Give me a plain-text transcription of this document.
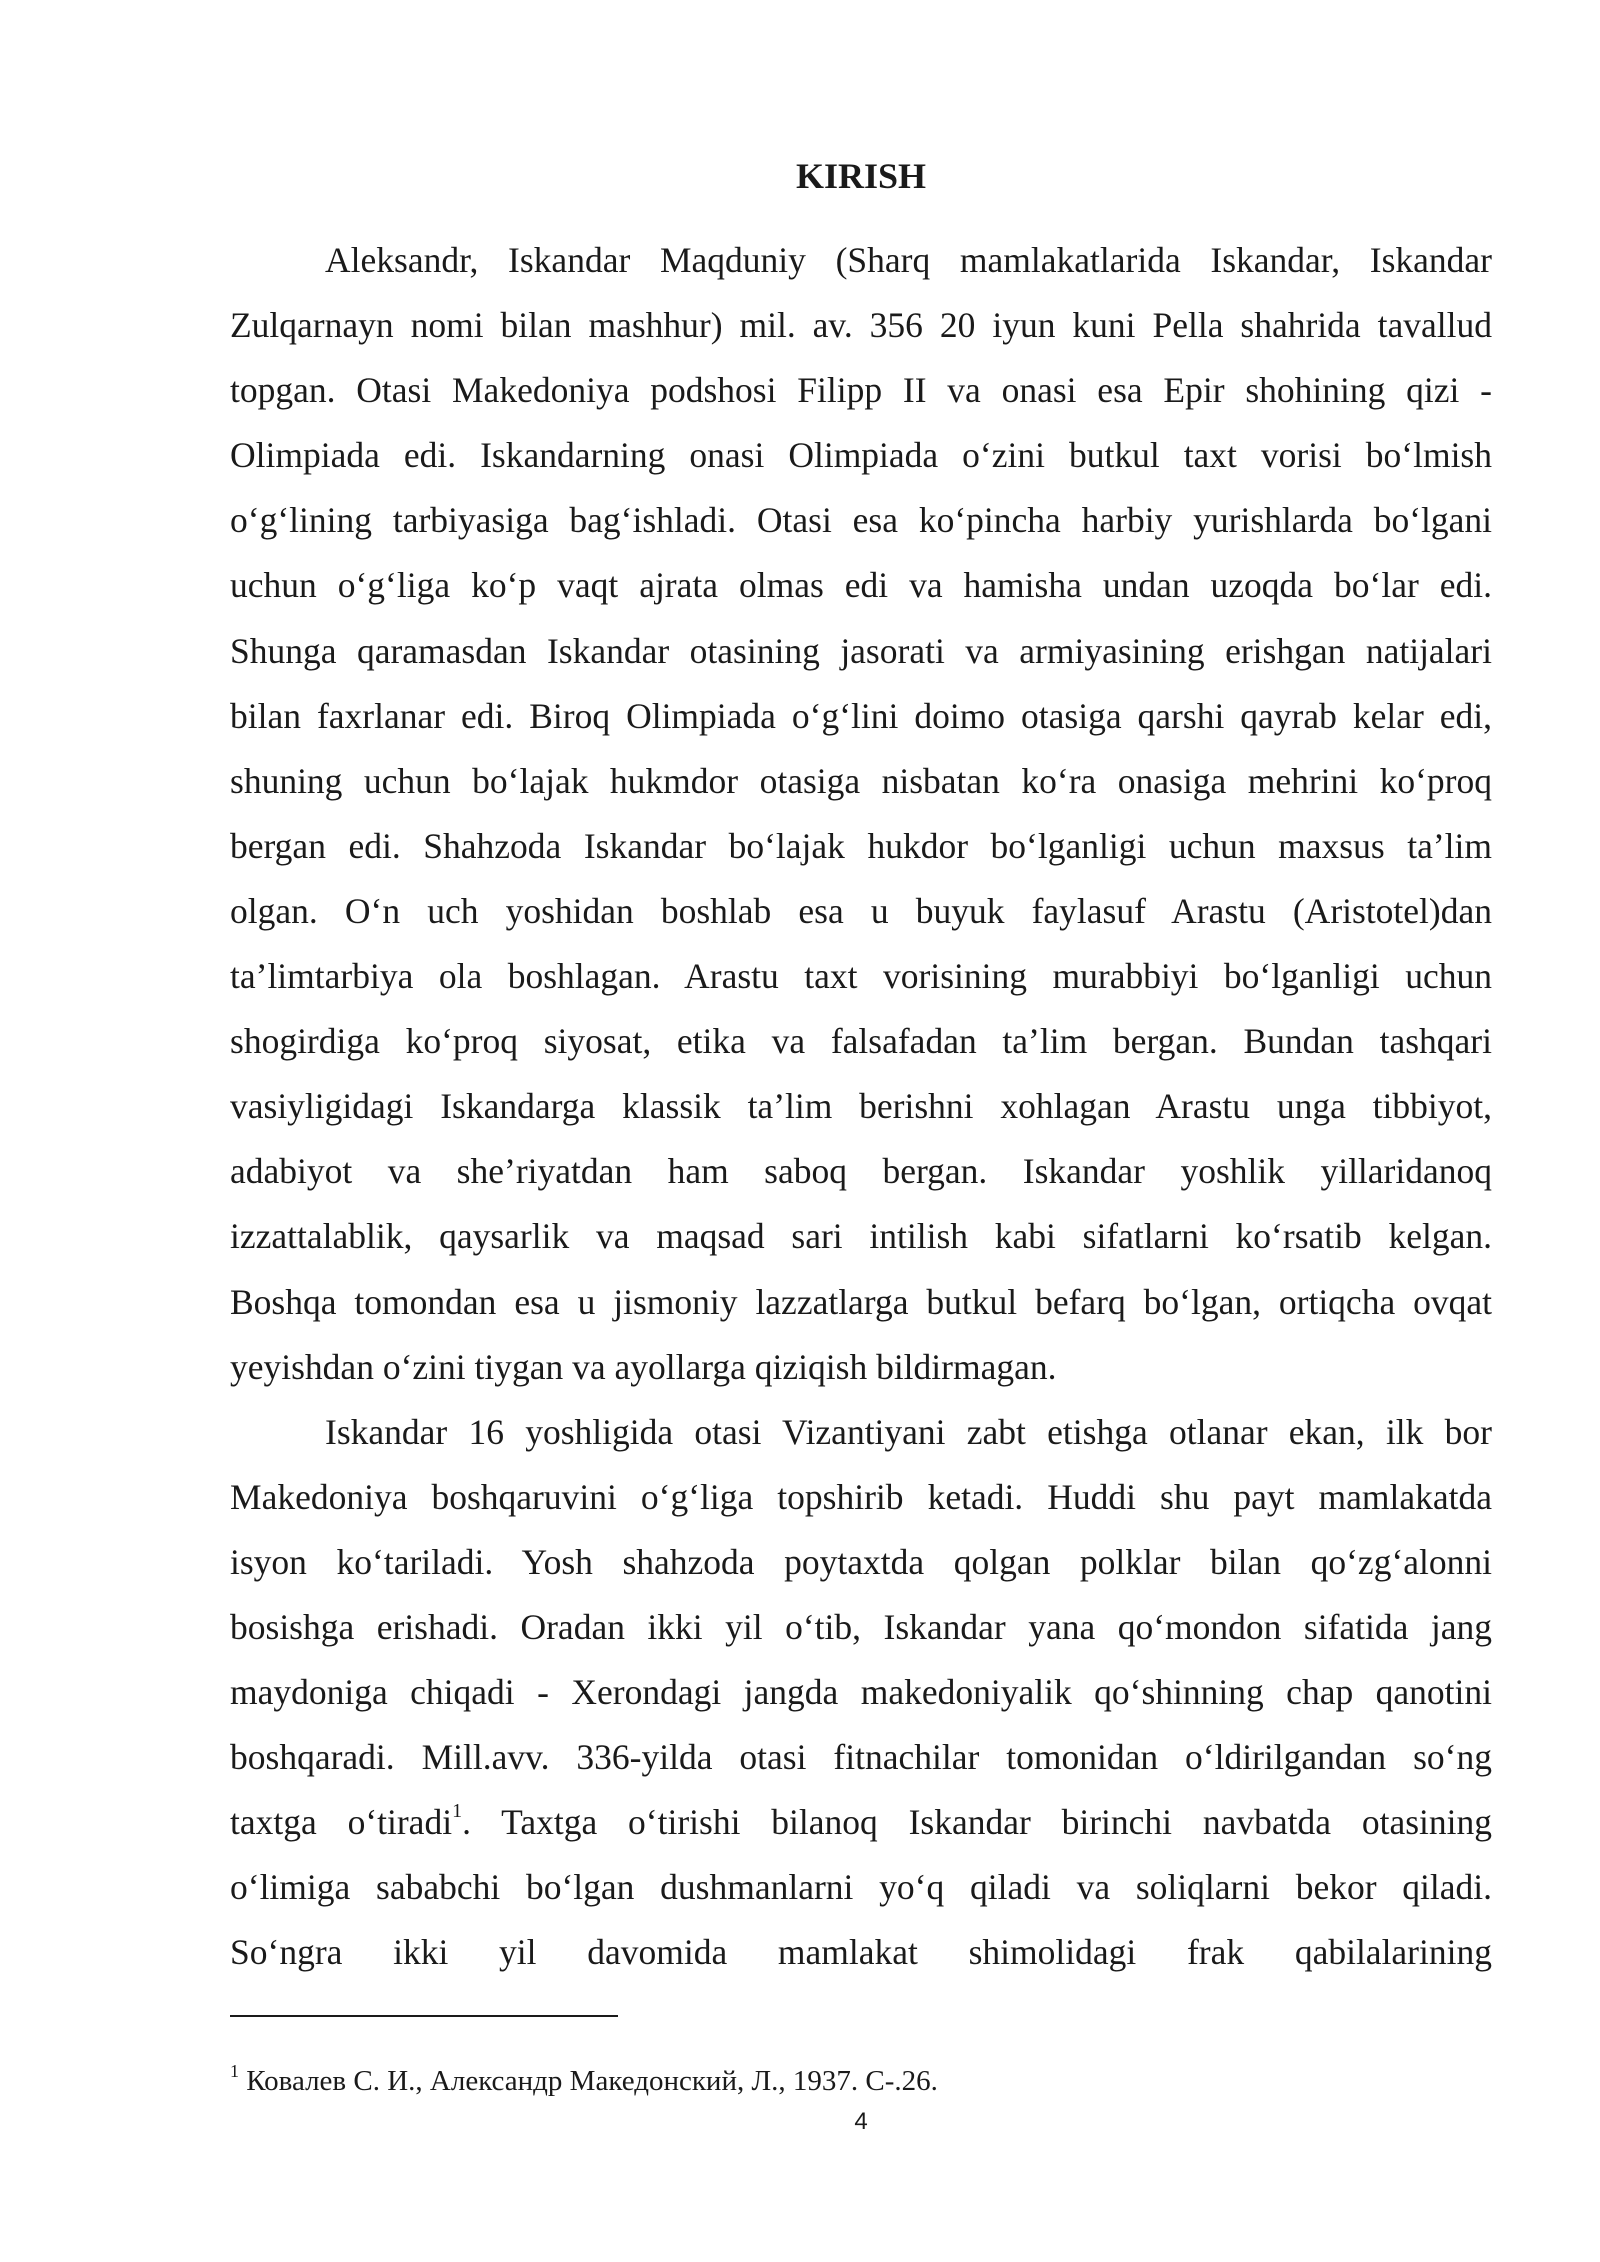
KIRISH
Aleksandr, Iskandar Maqduniy (Sharq mamlakatlarida Iskandar, Iskandar
Zulqarnayn nomi bilan mashhur) mil. av. 356 20 iyun kuni Pella shahrida tavallud
topgan. Otasi Makedoniya podshosi Filipp II va onasi esa Epir shohining qizi -
Olimpiada edi. Iskandarning onasi Olimpiada o‘zini butkul taxt vorisi bo‘lmish
o‘g‘lining tarbiyasiga bag‘ishladi. Otasi esa ko‘pincha harbiy yurishlarda bo‘lgani
uchun o‘g‘liga ko‘p vaqt ajrata olmas edi va hamisha undan uzoqda bo‘lar edi.
Shunga qaramasdan Iskandar otasining jasorati va armiyasining erishgan natijalari
bilan faxrlanar edi. Biroq Olimpiada o‘g‘lini doimo otasiga qarshi qayrab kelar edi,
shuning uchun bo‘lajak hukmdor otasiga nisbatan ko‘ra onasiga mehrini ko‘proq
bergan edi. Shahzoda Iskandar bo‘lajak hukdor bo‘lganligi uchun maxsus ta’lim
olgan. O‘n uch yoshidan boshlab esa u buyuk faylasuf Arastu (Aristotel)dan
ta’limtarbiya ola boshlagan. Arastu taxt vorisining murabbiyi bo‘lganligi uchun
shogirdiga ko‘proq siyosat, etika va falsafadan ta’lim bergan. Bundan tashqari
vasiyligidagi Iskandarga klassik ta’lim berishni xohlagan Arastu unga tibbiyot,
adabiyot va she’riyatdan ham saboq bergan. Iskandar yoshlik yillaridanoq
izzattalablik, qaysarlik va maqsad sari intilish kabi sifatlarni ko‘rsatib kelgan.
Boshqa tomondan esa u jismoniy lazzatlarga butkul befarq bo‘lgan, ortiqcha ovqat
yeyishdan o‘zini tiygan va ayollarga qiziqish bildirmagan.
Iskandar 16 yoshligida otasi Vizantiyani zabt etishga otlanar ekan, ilk bor
Makedoniya boshqaruvini o‘g‘liga topshirib ketadi. Huddi shu payt mamlakatda
isyon ko‘tariladi. Yosh shahzoda poytaxtda qolgan polklar bilan qo‘zg‘alonni
bosishga erishadi. Oradan ikki yil o‘tib, Iskandar yana qo‘mondon sifatida jang
maydoniga chiqadi - Xerondagi jangda makedoniyalik qo‘shinning chap qanotini
boshqaradi. Mill.avv. 336-yilda otasi fitnachilar tomonidan o‘ldirilgandan so‘ng
taxtga o‘tiradi$^1$. Taxtga o‘tirishi bilanoq Iskandar birinchi navbatda otasining
o‘limiga sababchi bo‘lgan dushmanlarni yo‘q qiladi va soliqlarni bekor qiladi.
So‘ngra ikki yil davomida mamlakat shimolidagi frak qabilalarining
$^1$ Ковалев С. И., Александр Македонский, Л., 1937. С-.26.
4
